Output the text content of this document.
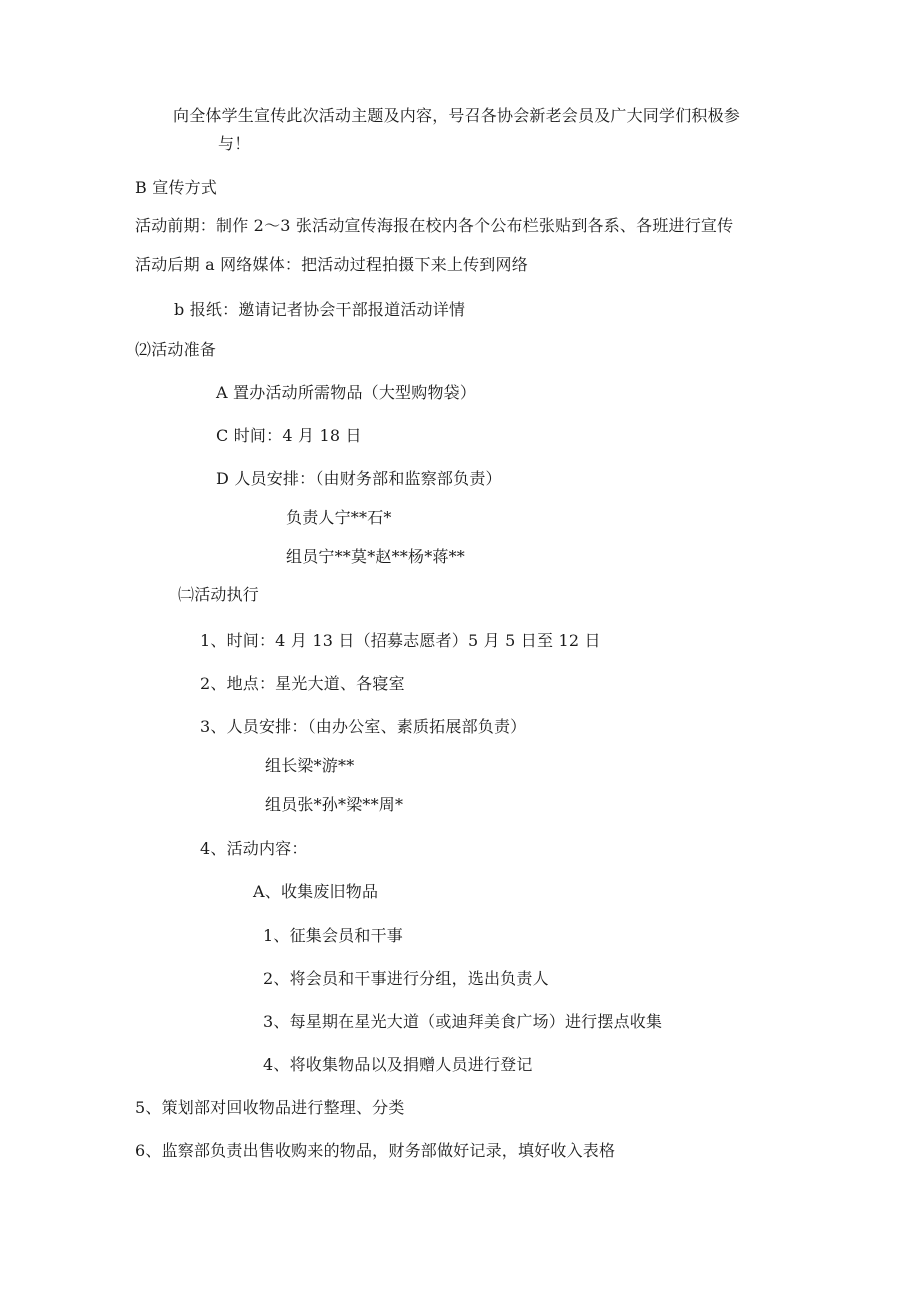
向全体学生宣传此次活动主题及内容，号召各协会新老会员及广大同学们积极参
与！
B 宣传方式
活动前期：制作 2～3 张活动宣传海报在校内各个公布栏张贴到各系、各班进行宣传
活动后期 a 网络媒体：把活动过程拍摄下来上传到网络
b 报纸：邀请记者协会干部报道活动详情
⑵活动准备
A 置办活动所需物品（大型购物袋）
C 时间：4 月 18 日
D 人员安排：（由财务部和监察部负责）
负责人宁**石*
组员宁**莫*赵**杨*蒋**
㈡活动执行
1、时间：4 月 13 日（招募志愿者）5 月 5 日至 12 日
2、地点：星光大道、各寝室
3、人员安排：（由办公室、素质拓展部负责）
组长梁*游**
组员张*孙*梁**周*
4、活动内容：
A、收集废旧物品
1、征集会员和干事
2、将会员和干事进行分组，选出负责人
3、每星期在星光大道（或迪拜美食广场）进行摆点收集
4、将收集物品以及捐赠人员进行登记
5、策划部对回收物品进行整理、分类
6、监察部负责出售收购来的物品，财务部做好记录，填好收入表格
